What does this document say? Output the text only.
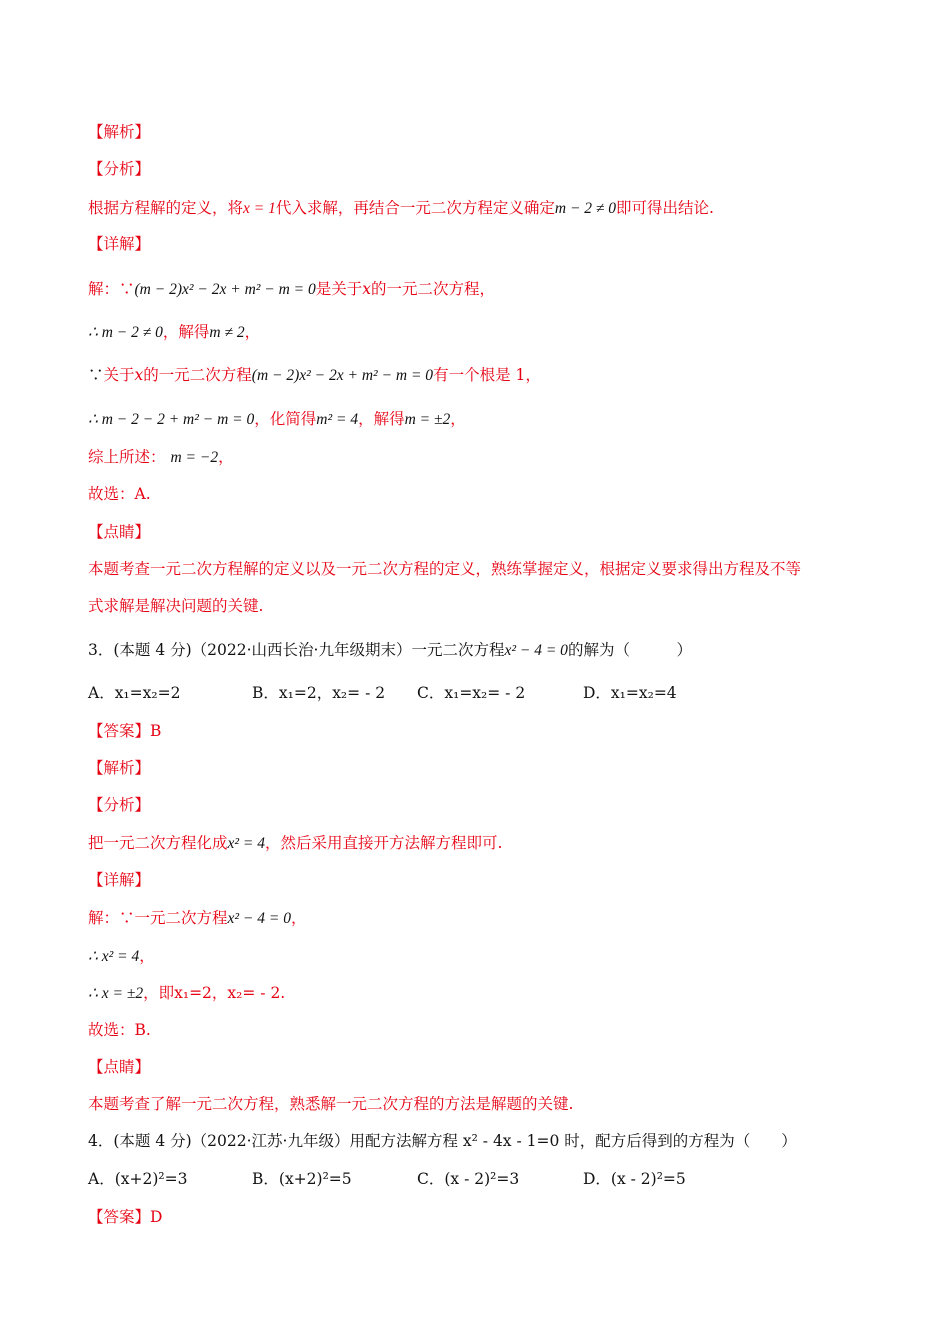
【解析】
【分析】
根据方程解的定义，将x = 1代入求解，再结合一元二次方程定义确定m − 2 ≠ 0即可得出结论.
【详解】
解：∵(m − 2)x² − 2x + m² − m = 0是关于x的一元二次方程，
∴ m − 2 ≠ 0，解得m ≠ 2，
∵关于x的一元二次方程(m − 2)x² − 2x + m² − m = 0有一个根是 1，
∴ m − 2 − 2 + m² − m = 0，化简得m² = 4，解得m = ±2，
综上所述： m = −2，
故选：A.
【点睛】
本题考查一元二次方程解的定义以及一元二次方程的定义，熟练掌握定义，根据定义要求得出方程及不等
式求解是解决问题的关键.
3．(本题 4 分)（2022·山西长治·九年级期末）一元二次方程x² − 4 = 0的解为（　　　）
A．x₁=x₂=2	B．x₁=2，x₂= - 2 C．x₁=x₂= - 2	D．x₁=x₂=4
【答案】B
【解析】
【分析】
把一元二次方程化成x² = 4，然后采用直接开方法解方程即可.
【详解】
解：∵一元二次方程x² − 4 = 0，
∴ x² = 4，
∴ x = ±2，即x₁=2，x₂= - 2.
故选：B.
【点睛】
本题考查了解一元二次方程，熟悉解一元二次方程的方法是解题的关键.
4．(本题 4 分)（2022·江苏·九年级）用配方法解方程 x² - 4x - 1=0 时，配方后得到的方程为（　　）
A．(x+2)²=3	B．(x+2)²=5	C．(x - 2)²=3	D．(x - 2)²=5
【答案】D
